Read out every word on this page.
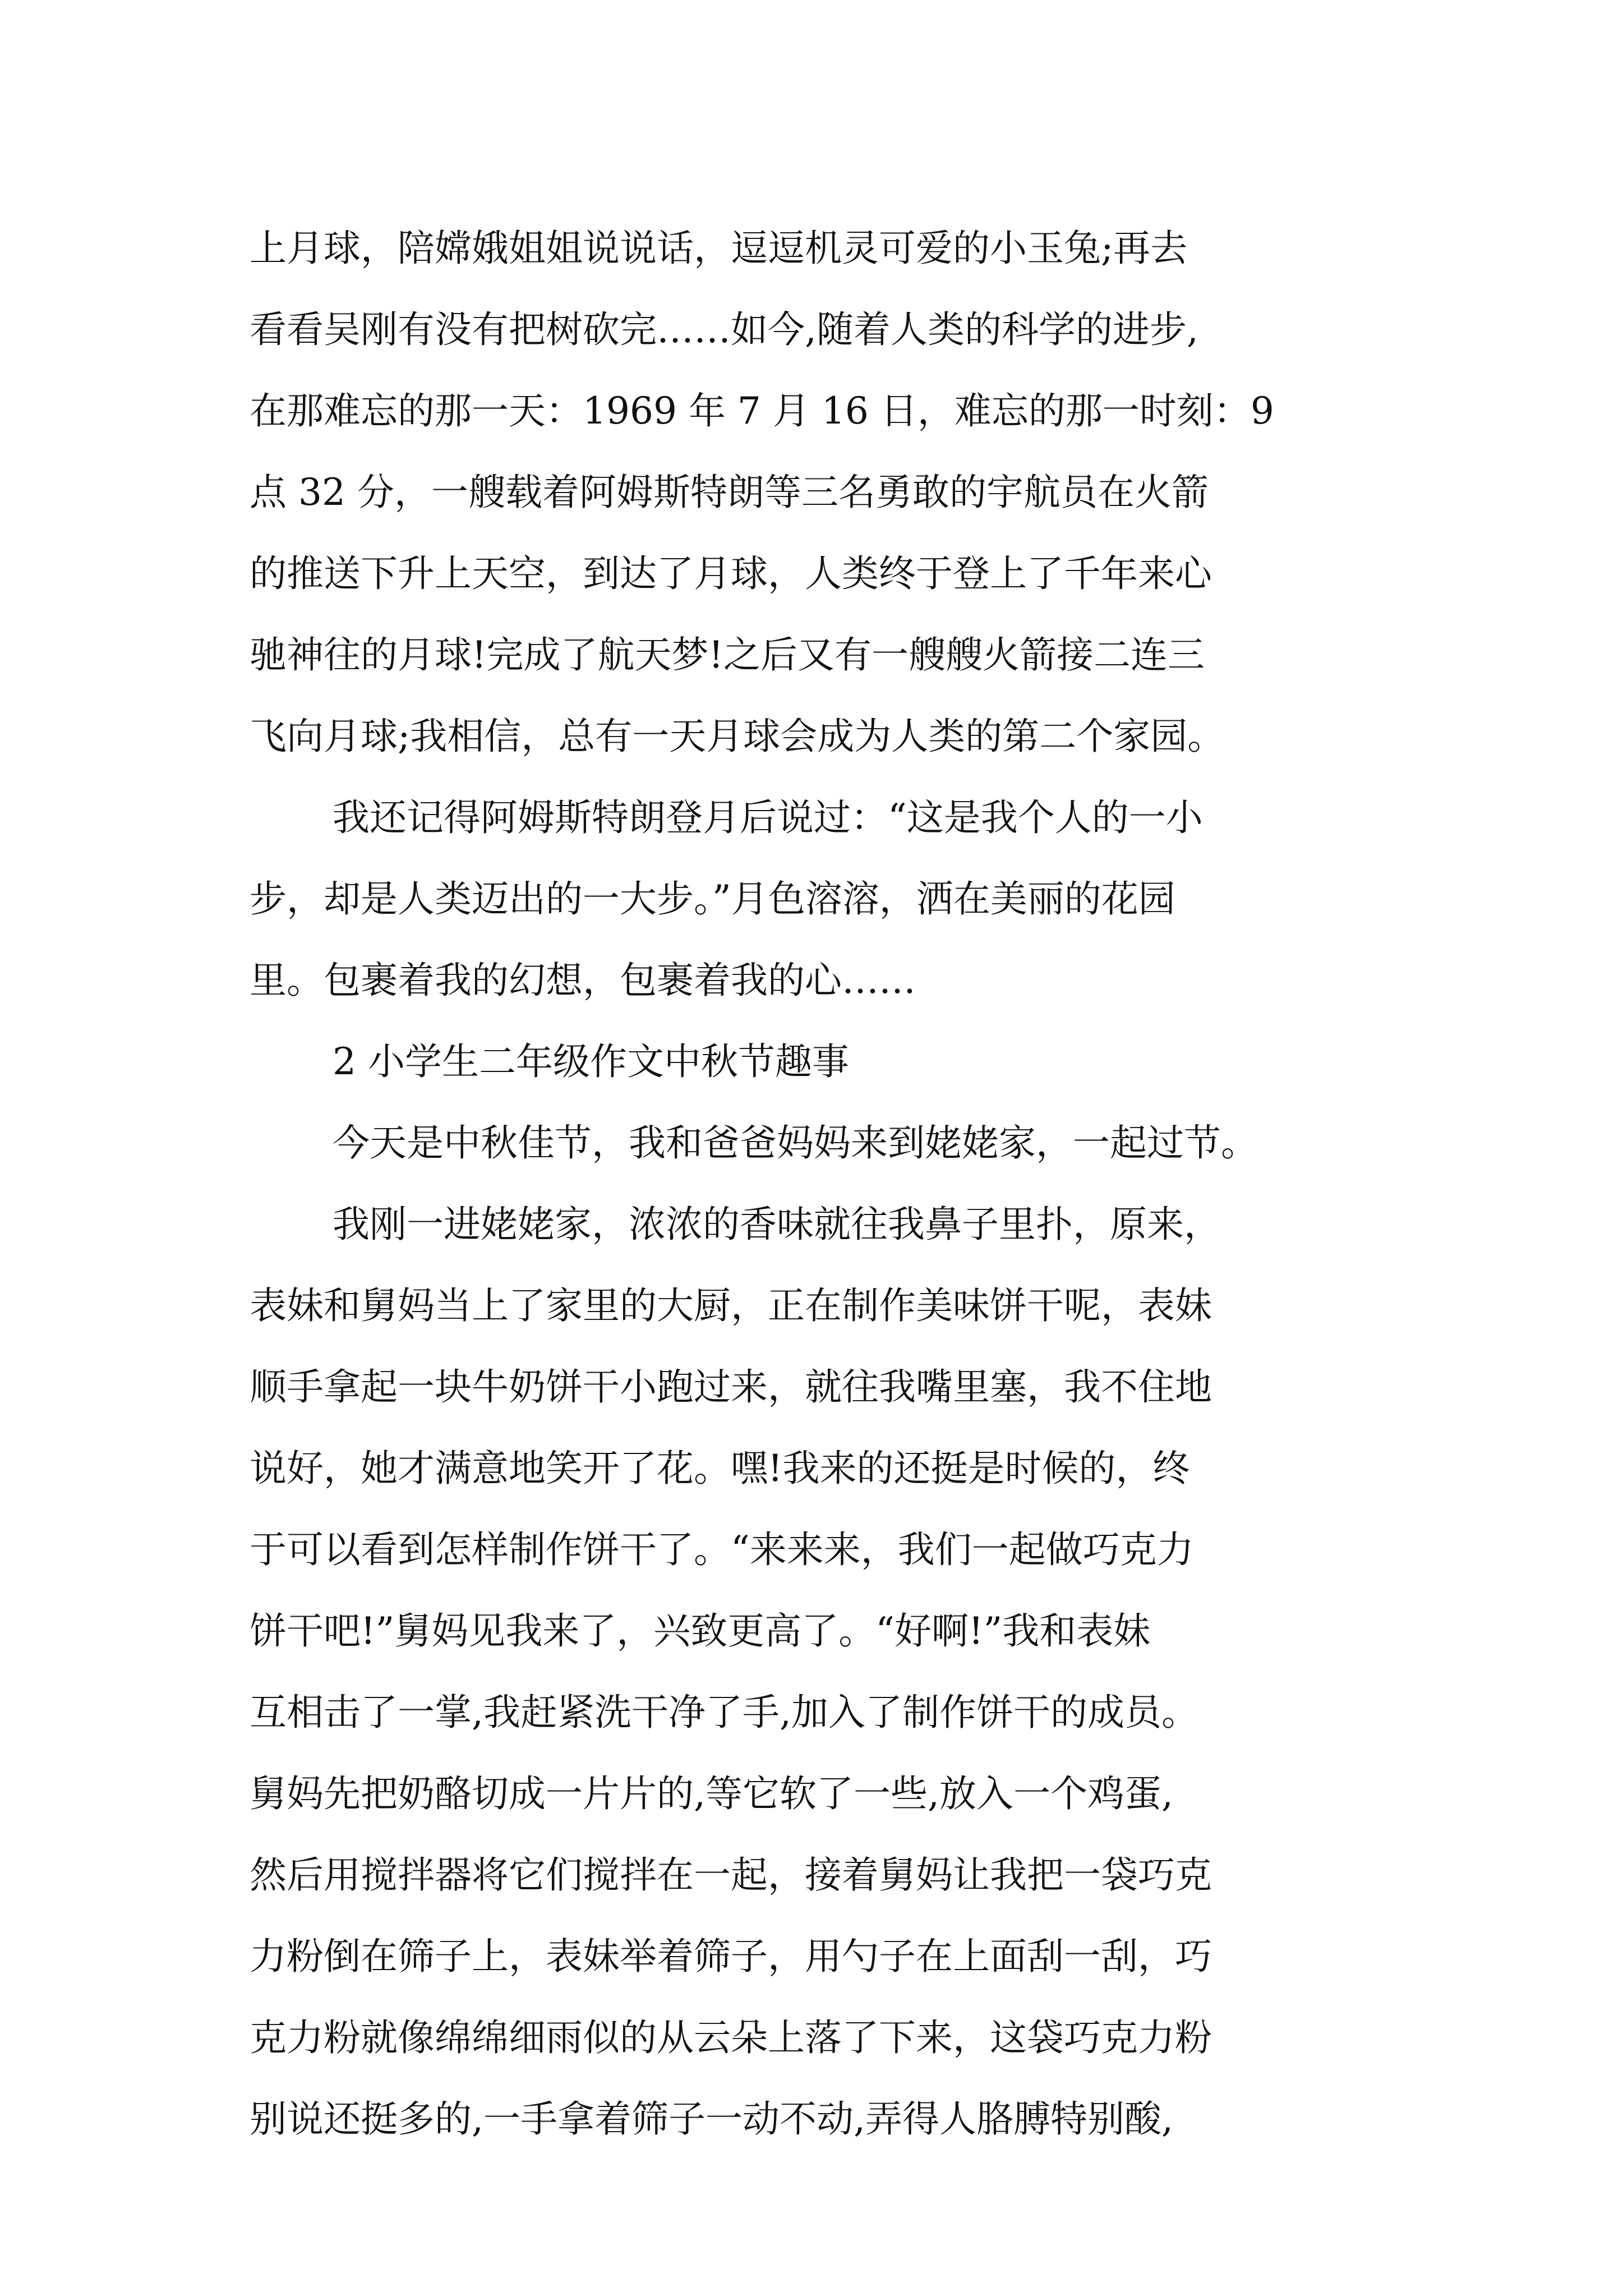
上月球，陪嫦娥姐姐说说话，逗逗机灵可爱的小玉兔;再去
看看吴刚有没有把树砍完……如今,随着人类的科学的进步,
在那难忘的那一天：1969 年 7 月 16 日，难忘的那一时刻：9
点 32 分，一艘载着阿姆斯特朗等三名勇敢的宇航员在火箭
的推送下升上天空，到达了月球，人类终于登上了千年来心
驰神往的月球!完成了航天梦!之后又有一艘艘火箭接二连三
飞向月球;我相信，总有一天月球会成为人类的第二个家园。
我还记得阿姆斯特朗登月后说过：“这是我个人的一小
步，却是人类迈出的一大步。”月色溶溶，洒在美丽的花园
里。包裹着我的幻想，包裹着我的心……
2 小学生二年级作文中秋节趣事
今天是中秋佳节，我和爸爸妈妈来到姥姥家，一起过节。
我刚一进姥姥家，浓浓的香味就往我鼻子里扑，原来，
表妹和舅妈当上了家里的大厨，正在制作美味饼干呢，表妹
顺手拿起一块牛奶饼干小跑过来，就往我嘴里塞，我不住地
说好，她才满意地笑开了花。嘿!我来的还挺是时候的，终
于可以看到怎样制作饼干了。“来来来，我们一起做巧克力
饼干吧!”舅妈见我来了，兴致更高了。“好啊!”我和表妹
互相击了一掌,我赶紧洗干净了手,加入了制作饼干的成员。
舅妈先把奶酪切成一片片的,等它软了一些,放入一个鸡蛋,
然后用搅拌器将它们搅拌在一起，接着舅妈让我把一袋巧克
力粉倒在筛子上，表妹举着筛子，用勺子在上面刮一刮，巧
克力粉就像绵绵细雨似的从云朵上落了下来，这袋巧克力粉
别说还挺多的,一手拿着筛子一动不动,弄得人胳膊特别酸,
